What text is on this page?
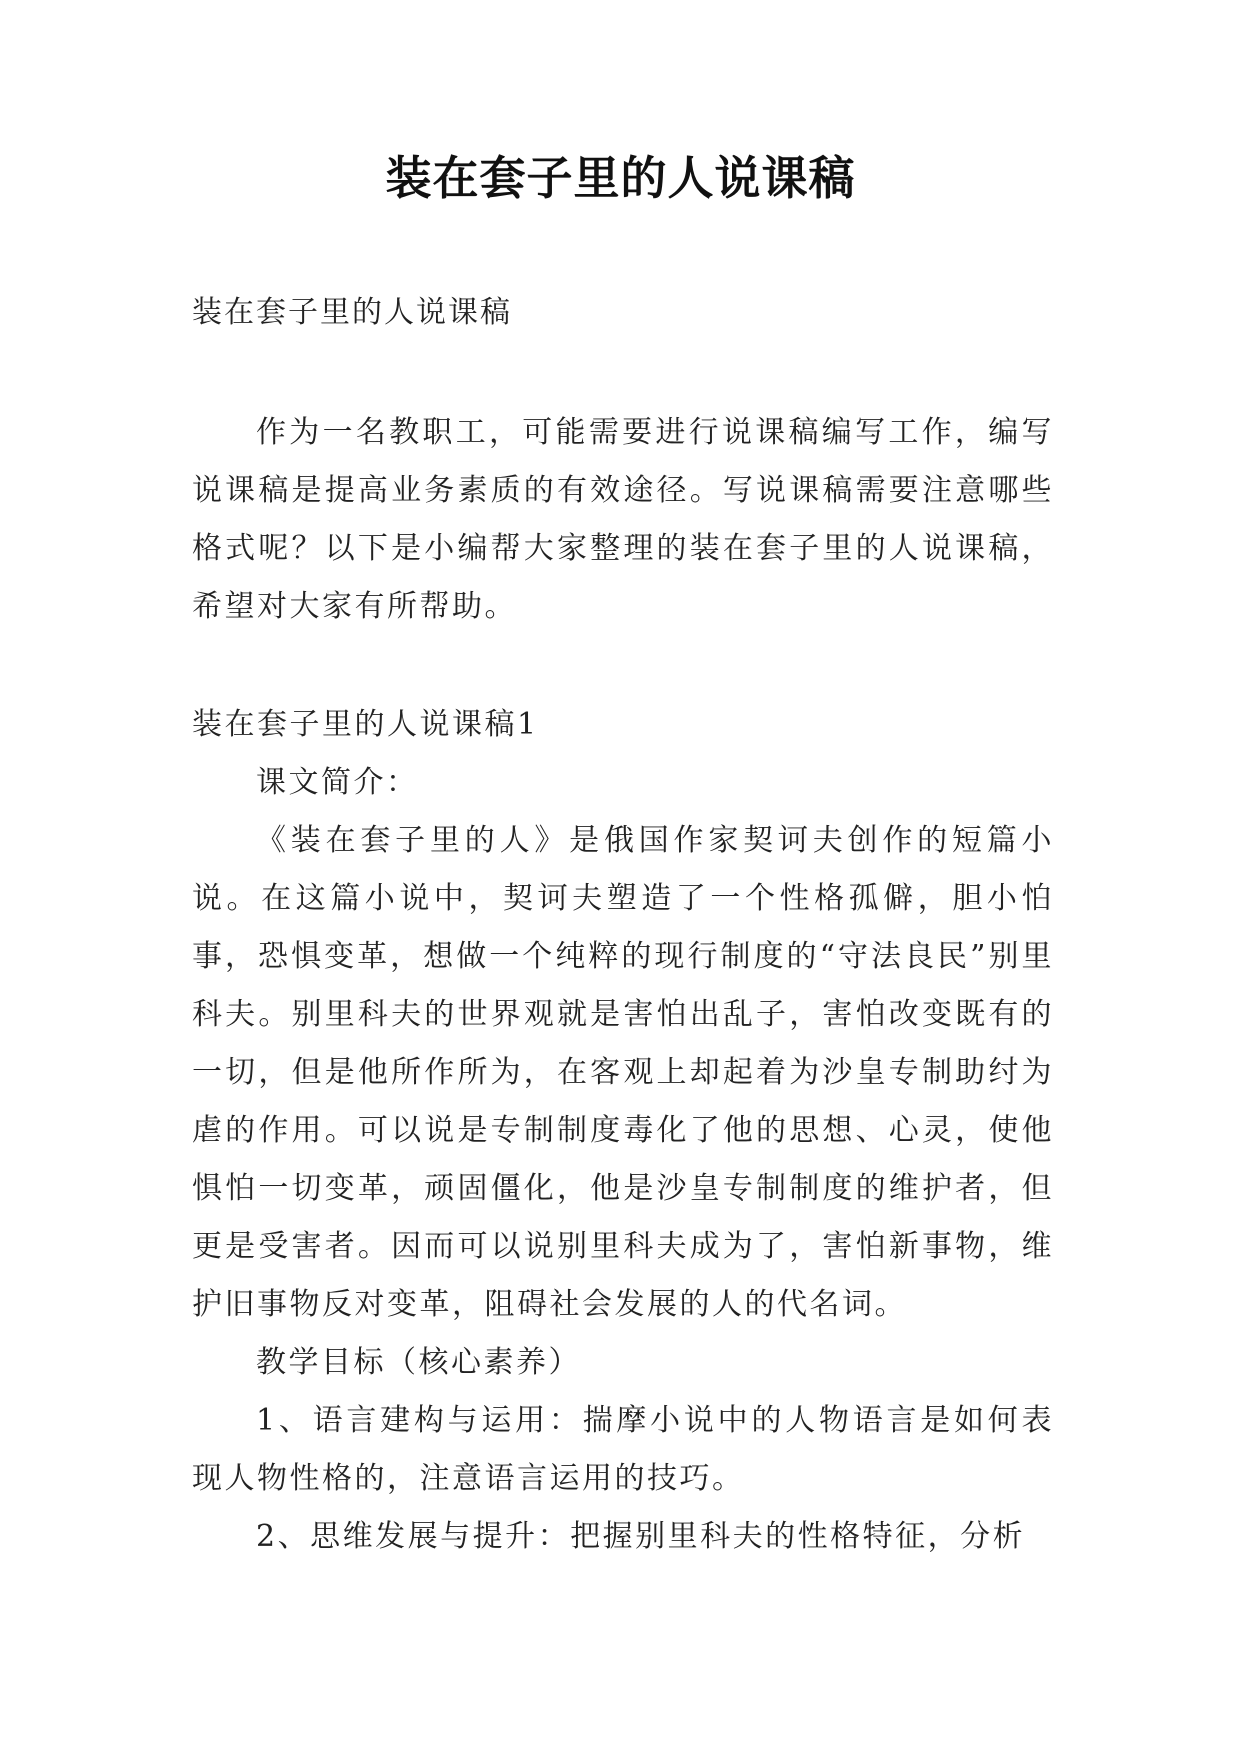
装在套子里的人说课稿
装在套子里的人说课稿

作为一名教职工，可能需要进行说课稿编写工作，编写说课稿是提高业务素质的有效途径。写说课稿需要注意哪些格式呢？以下是小编帮大家整理的装在套子里的人说课稿，希望对大家有所帮助。

装在套子里的人说课稿1

课文简介：

《装在套子里的人》是俄国作家契诃夫创作的短篇小说。在这篇小说中，契诃夫塑造了一个性格孤僻，胆小怕事，恐惧变革，想做一个纯粹的现行制度的“守法良民”别里科夫。别里科夫的世界观就是害怕出乱子，害怕改变既有的一切，但是他所作所为，在客观上却起着为沙皇专制助纣为虐的作用。可以说是专制制度毒化了他的思想、心灵，使他惧怕一切变革，顽固僵化，他是沙皇专制制度的维护者，但更是受害者。因而可以说别里科夫成为了，害怕新事物，维护旧事物反对变革，阻碍社会发展的人的代名词。

教学目标（核心素养）

1、语言建构与运用：揣摩小说中的人物语言是如何表现人物性格的，注意语言运用的技巧。

2、思维发展与提升：把握别里科夫的性格特征，分析
